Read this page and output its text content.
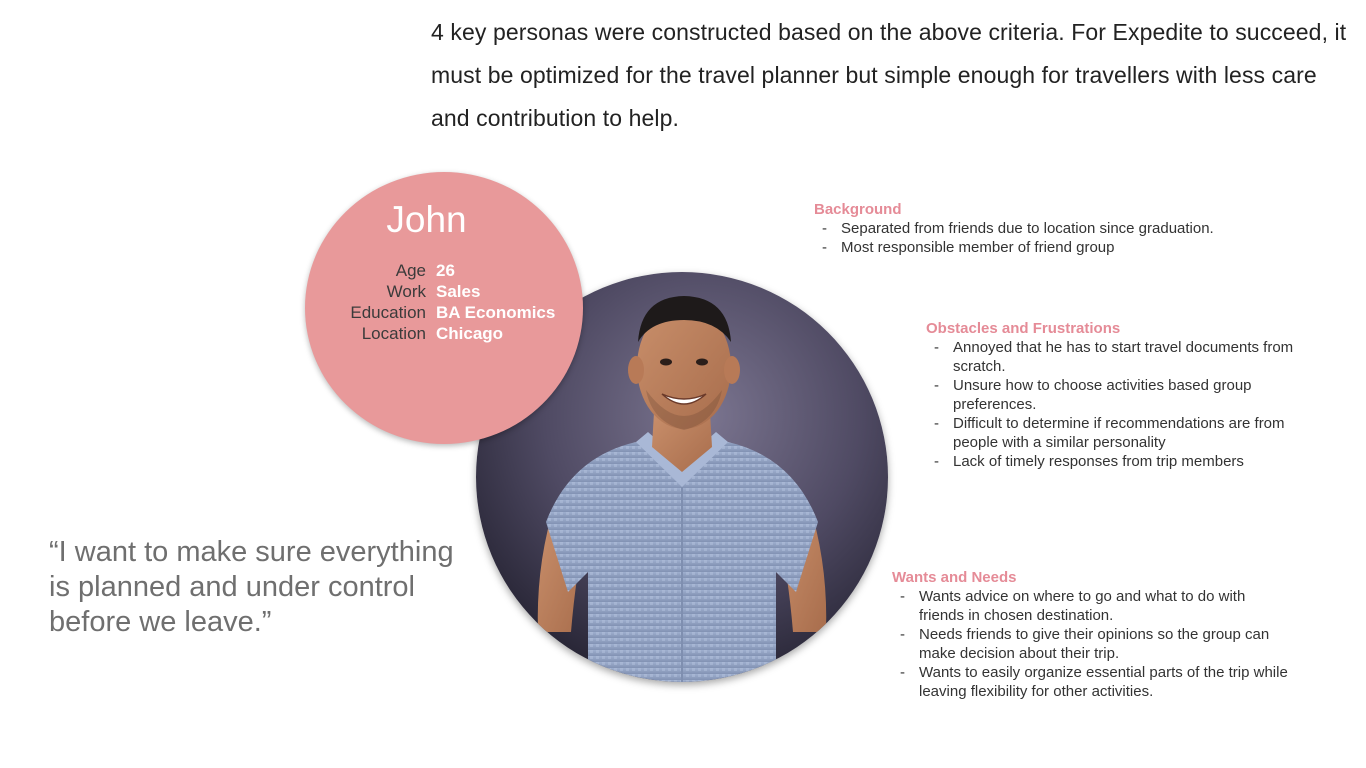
4 key personas were constructed based on the above criteria. For Expedite to succeed, it must be optimized for the travel planner but simple enough for travellers with less care and contribution to help.

John
Age 26
Work Sales
Education BA Economics
Location Chicago
“I want to make sure everything is planned and under control before we leave.”
Background
- Separated from friends due to location since graduation.
- Most responsible member of friend group
Obstacles and Frustrations
- Annoyed that he has to start travel documents from scratch.
- Unsure how to choose activities based group preferences.
- Difficult to determine if recommendations are from people with a similar personality
- Lack of timely responses from trip members
Wants and Needs
- Wants advice on where to go and what to do with friends in chosen destination.
- Needs friends to give their opinions so the group can make decision about their trip.
- Wants to easily organize essential parts of the trip while leaving flexibility for other activities.
